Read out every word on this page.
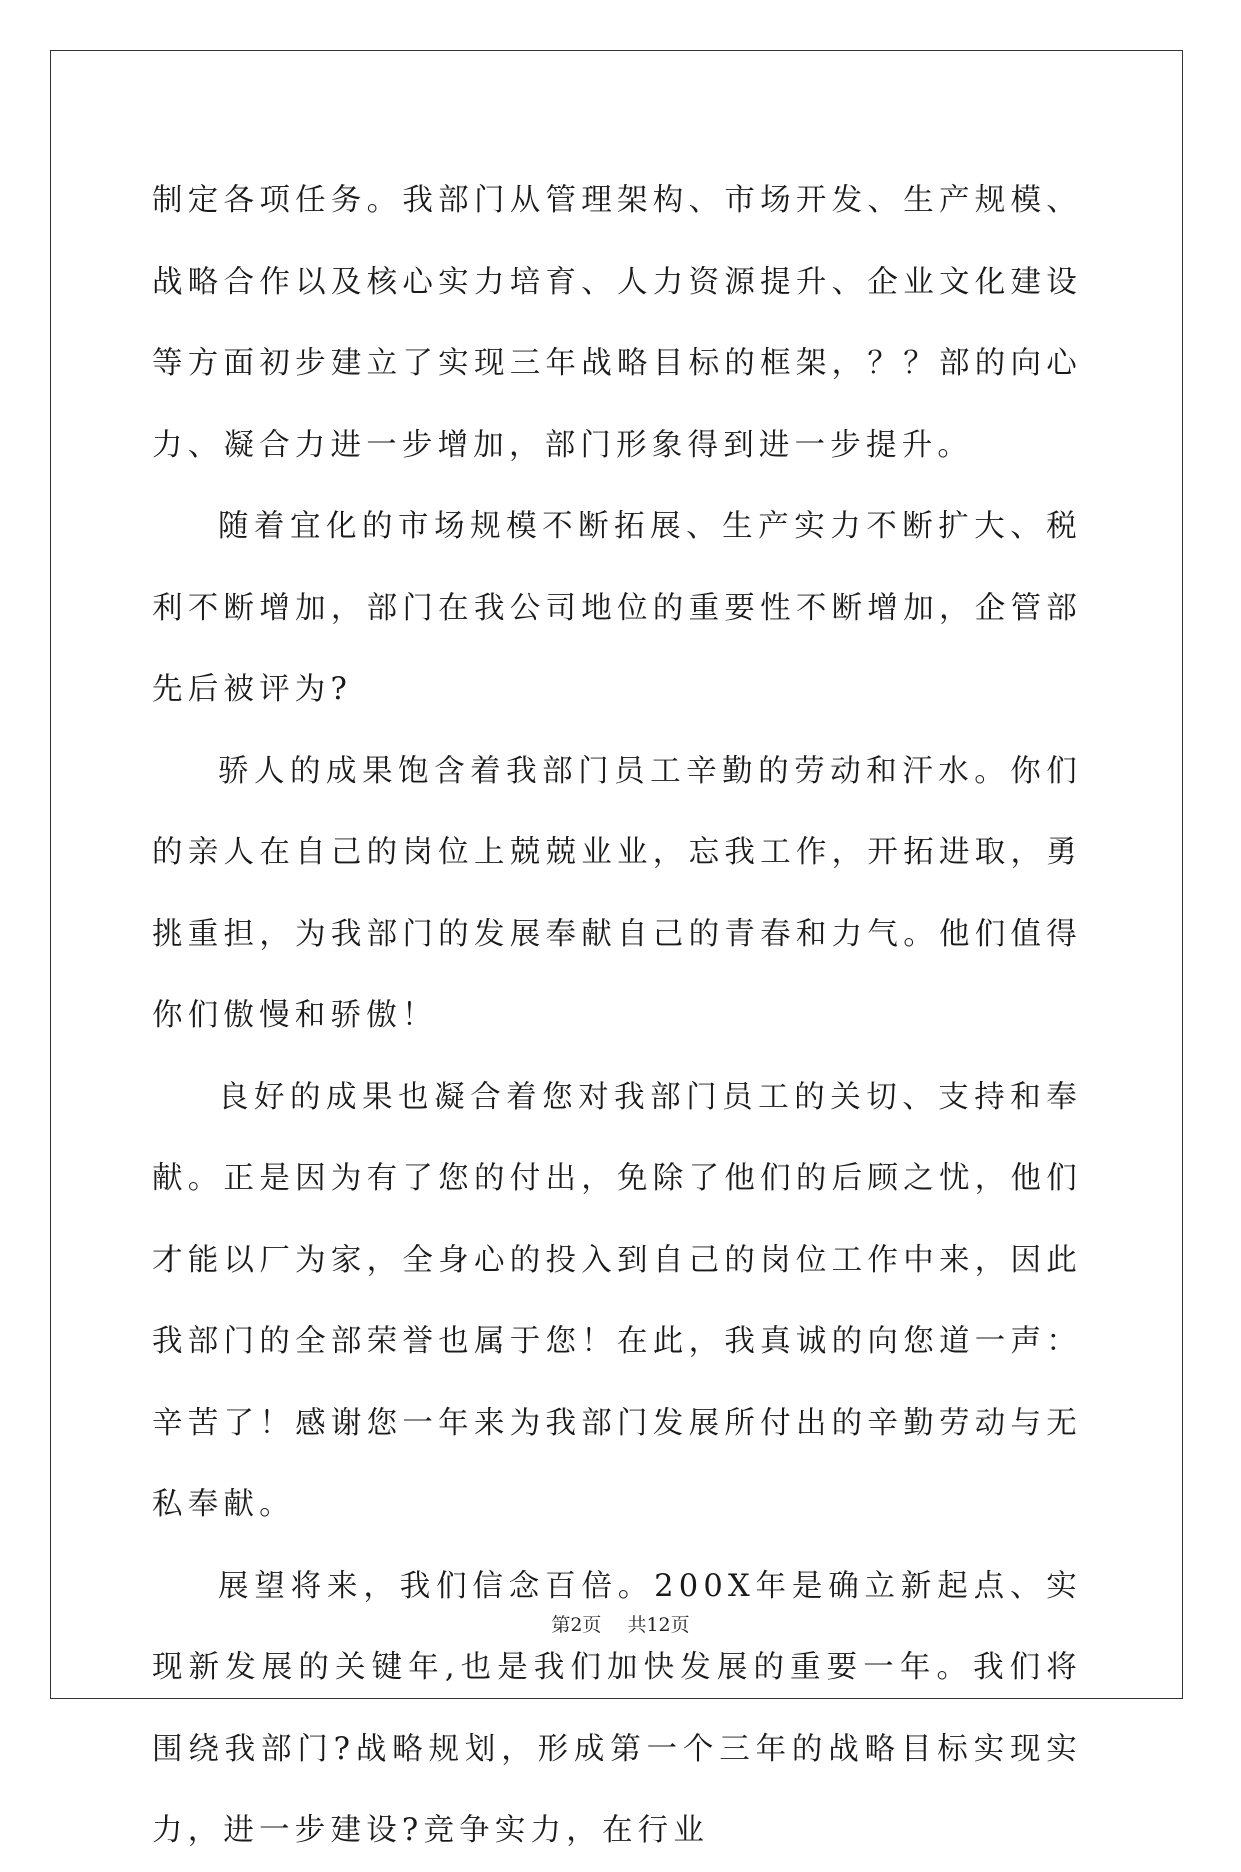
制定各项任务。我部门从管理架构、市场开发、生产规模、战略合作以及核心实力培育、人力资源提升、企业文化建设等方面初步建立了实现三年战略目标的框架，？？部的向心力、凝合力进一步增加，部门形象得到进一步提升。

随着宜化的市场规模不断拓展、生产实力不断扩大、税利不断增加，部门在我公司地位的重要性不断增加，企管部先后被评为?

骄人的成果饱含着我部门员工辛勤的劳动和汗水。你们的亲人在自己的岗位上兢兢业业，忘我工作，开拓进取，勇挑重担，为我部门的发展奉献自己的青春和力气。他们值得你们傲慢和骄傲！

良好的成果也凝合着您对我部门员工的关切、支持和奉献。正是因为有了您的付出，免除了他们的后顾之忧，他们才能以厂为家，全身心的投入到自己的岗位工作中来，因此我部门的全部荣誉也属于您！在此，我真诚的向您道一声：辛苦了！感谢您一年来为我部门发展所付出的辛勤劳动与无私奉献。

展望将来，我们信念百倍。200X年是确立新起点、实现新发展的关键年,也是我们加快发展的重要一年。我们将围绕我部门?战略规划，形成第一个三年的战略目标实现实力，进一步建设?竞争实力，在行业

第2页 共12页
